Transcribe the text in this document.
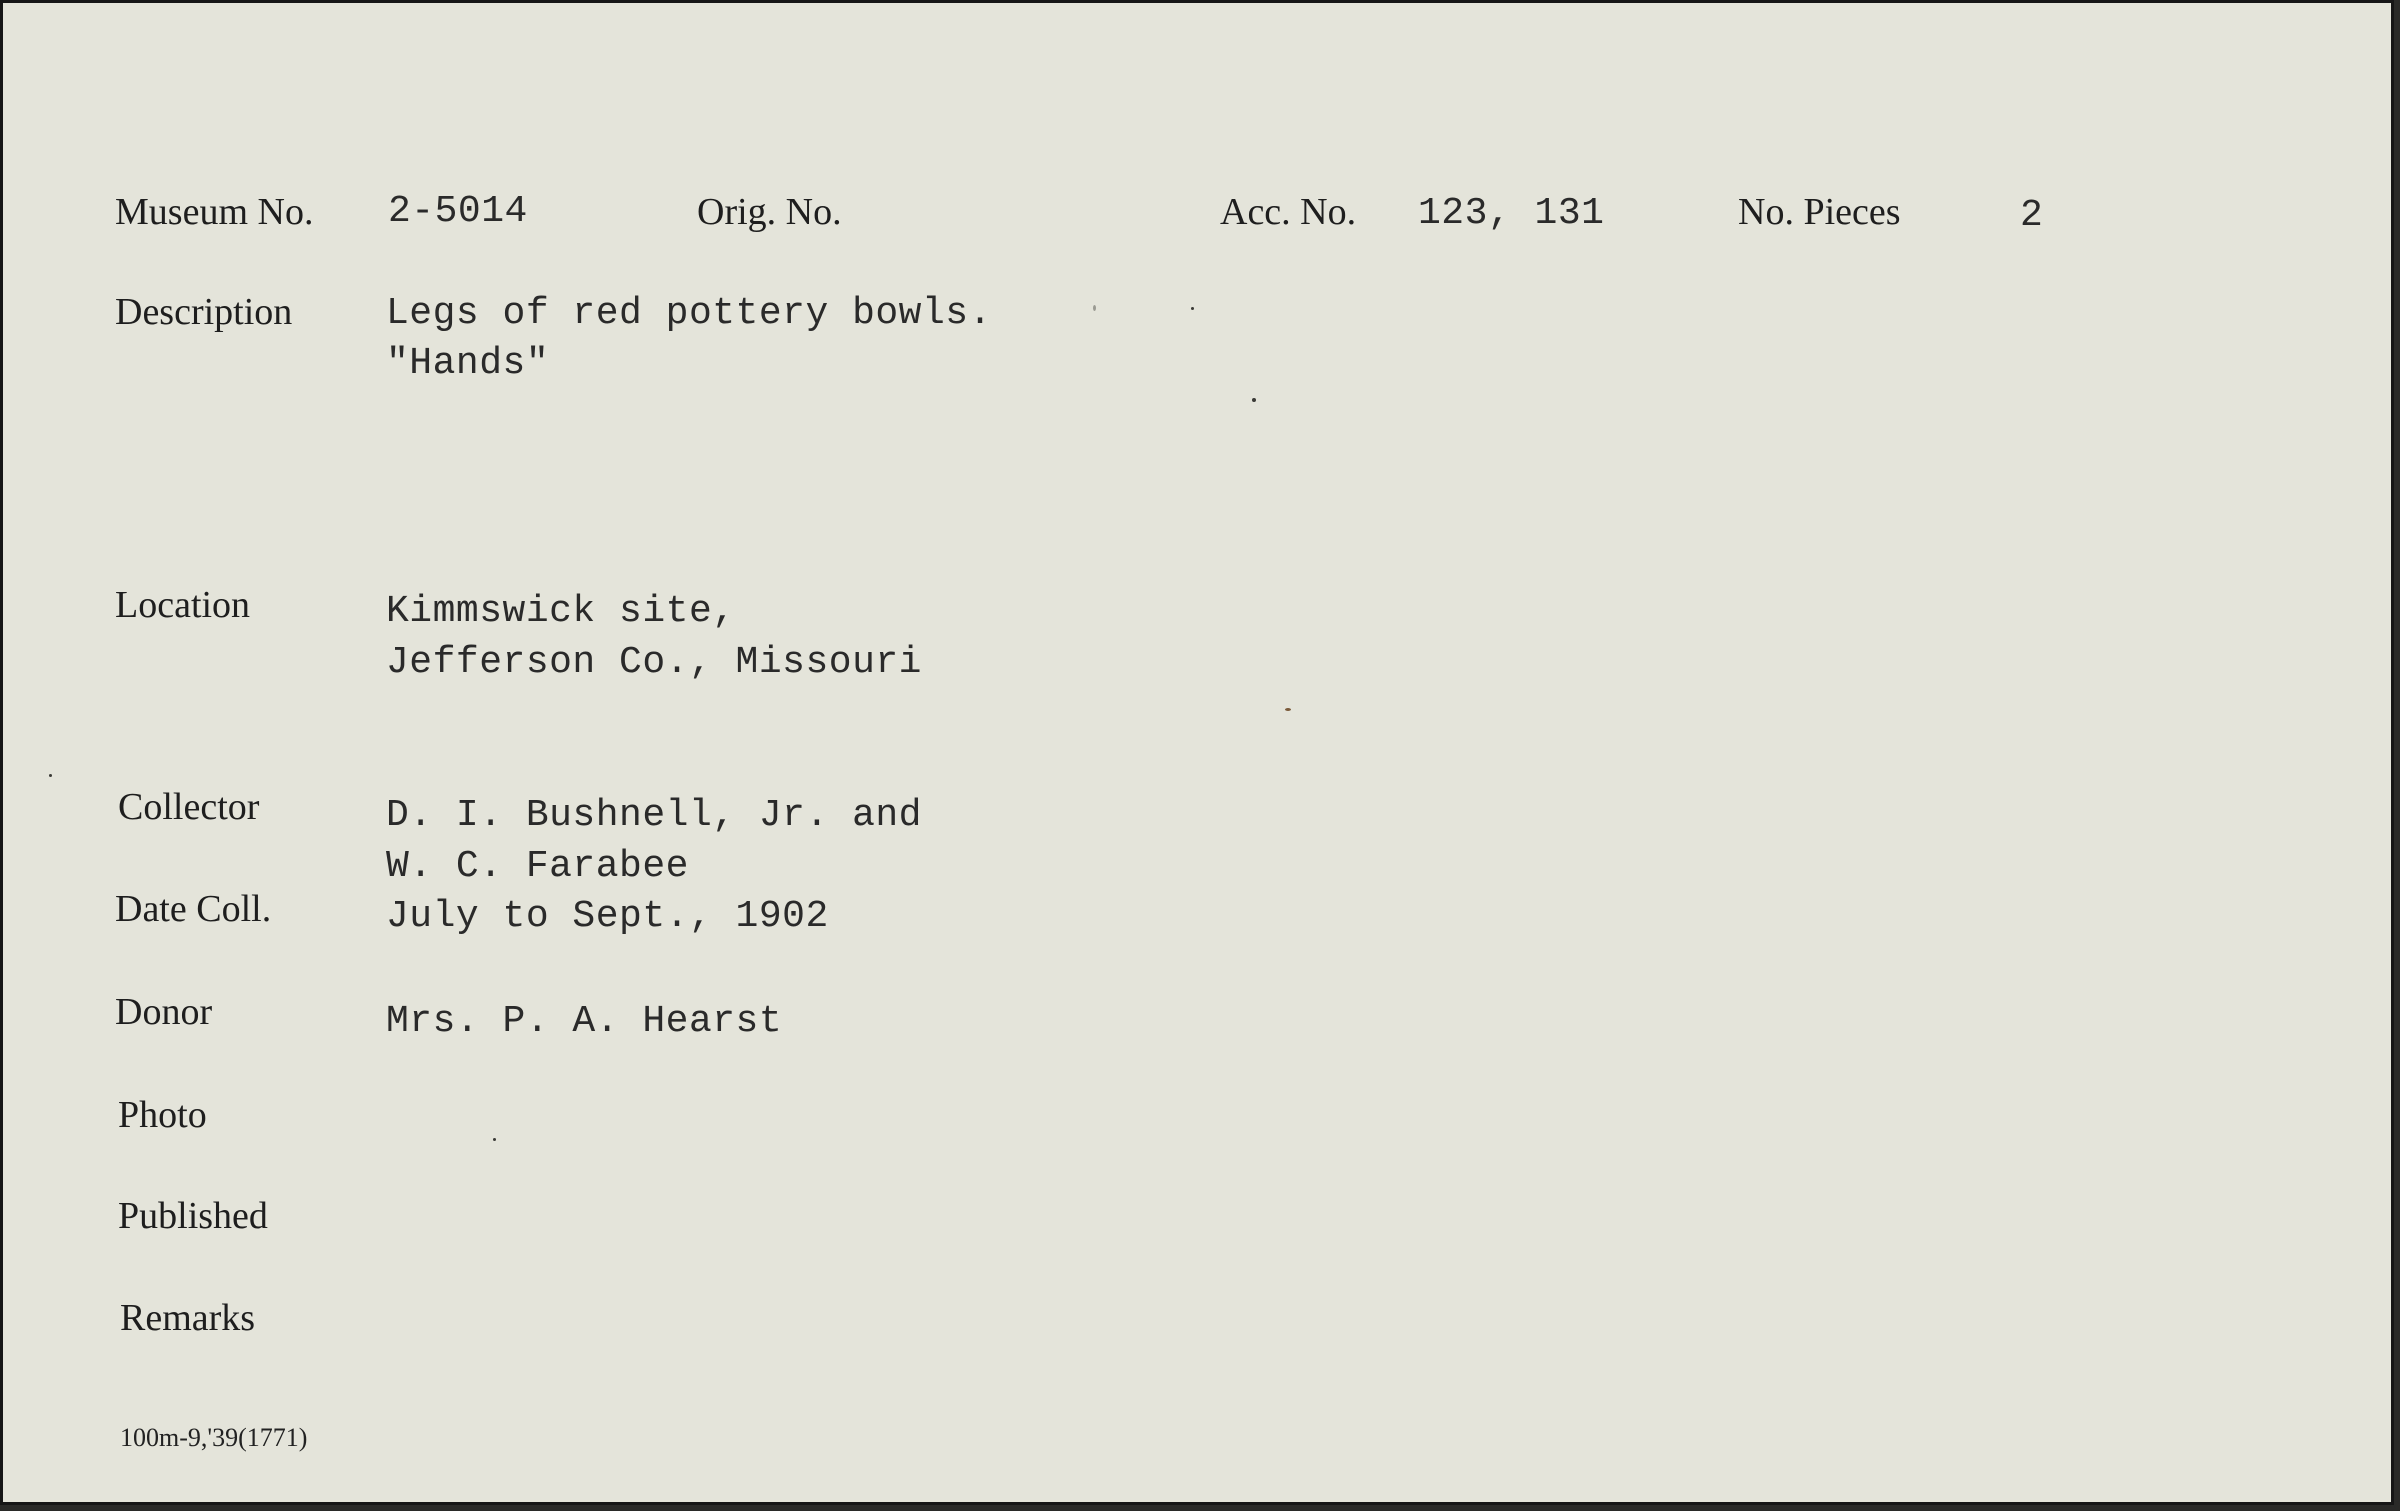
Museum No. 2-5014	Orig. No.	Acc. No. 123, 131	No. Pieces	2
Description Legs of red pottery bowls.
"Hands"
Location	Kimmswick site,
Jefferson Co., Missouri
Collector	D. I. Bushnell, Jr. and
W. C. Farabee
Date Coll.	July to Sept., 1902
Donor	Mrs. P. A. Hearst
Photo
Published
Remarks
100m-9,'39(1771)
